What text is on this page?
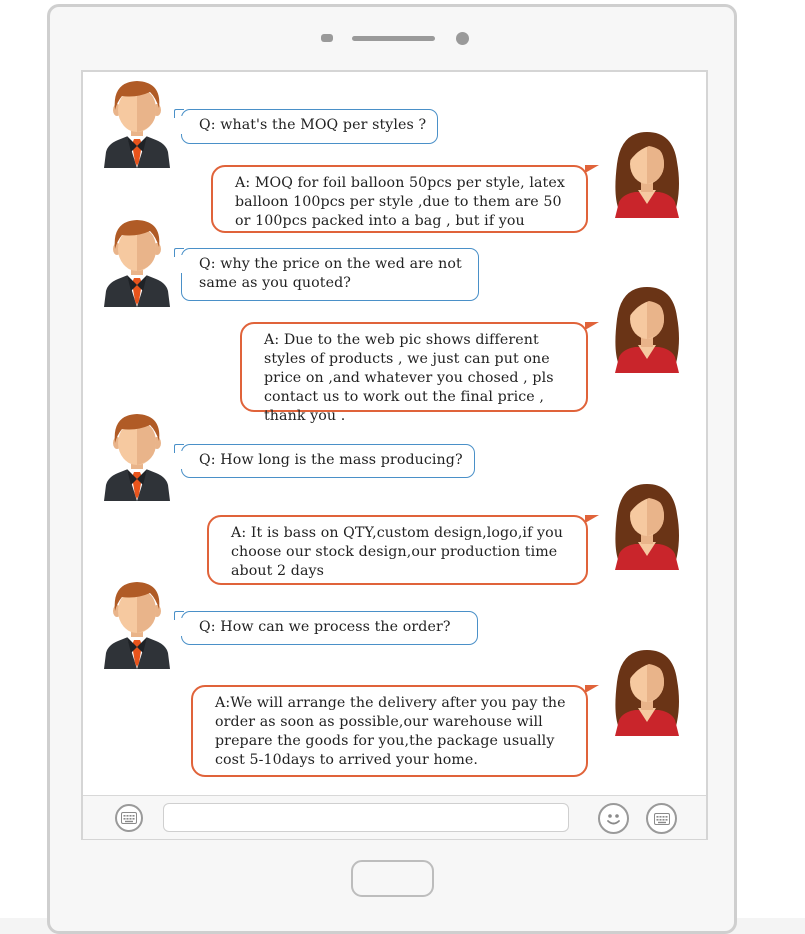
Q: what's the MOQ per styles ?
A: MOQ for foil balloon 50pcs per style, latex balloon 100pcs per style ,due to them are 50 or 100pcs packed into a bag , but if you
Q: why the price on the wed are not same as you quoted?
A: Due to the web pic shows different styles of products , we just can put one price on ,and whatever you chosed , pls contact us to work out the final price , thank you .
Q: How long is the mass producing?
A: It is bass on QTY,custom design,logo,if you choose our stock design,our production time about 2 days
Q: How can we process the order?
A:We will arrange the delivery after you pay the order as soon as possible,our warehouse will prepare the goods for you,the package usually cost 5-10days to arrived your home.
